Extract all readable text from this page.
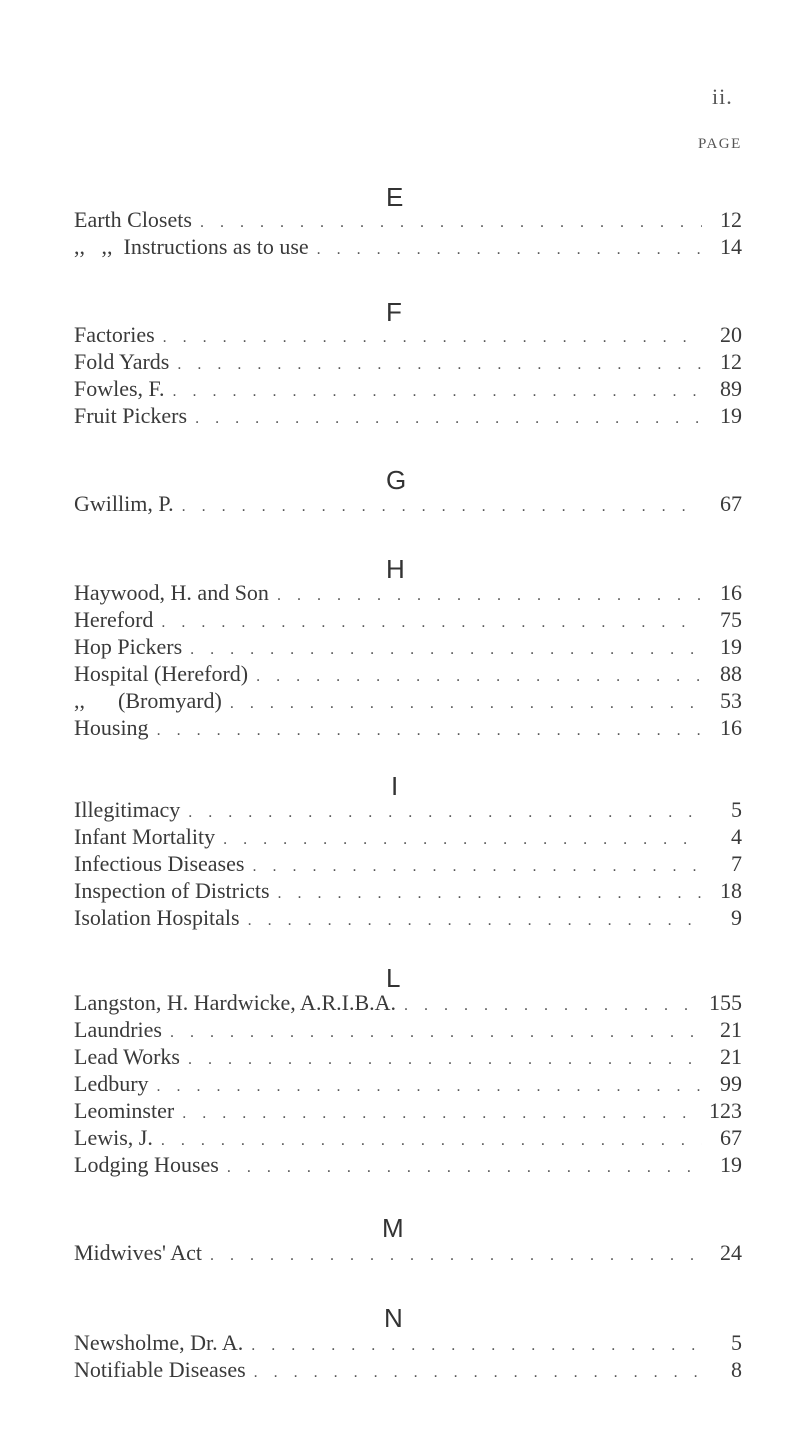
ii.
PAGE
E
Earth Closets . . .	12
,,   ,,  Instructions as to use . . .	14
F
Factories . . .	20
Fold Yards . . .	12
Fowles, F. . . .	89
Fruit Pickers . . .	19
G
Gwillim, P. . . .	67
H
Haywood, H. and Son . . .	16
Hereford . . .	75
Hop Pickers . . .	19
Hospital (Hereford) . . .	88
,,      (Bromyard) . . .	53
Housing . . .	16
I
Illegitimacy . . .	5
Infant Mortality . . .	4
Infectious Diseases . . .	7
Inspection of Districts . . .	18
Isolation Hospitals . . .	9
L
Langston, H. Hardwicke, A.R.I.B.A. . . .	155
Laundries . . .	21
Lead Works . . .	21
Ledbury . . .	99
Leominster . . .	123
Lewis, J. . . .	67
Lodging Houses . . .	19
M
Midwives' Act . . .	24
N
Newsholme, Dr. A. . . .	5
Notifiable Diseases . . .	8
